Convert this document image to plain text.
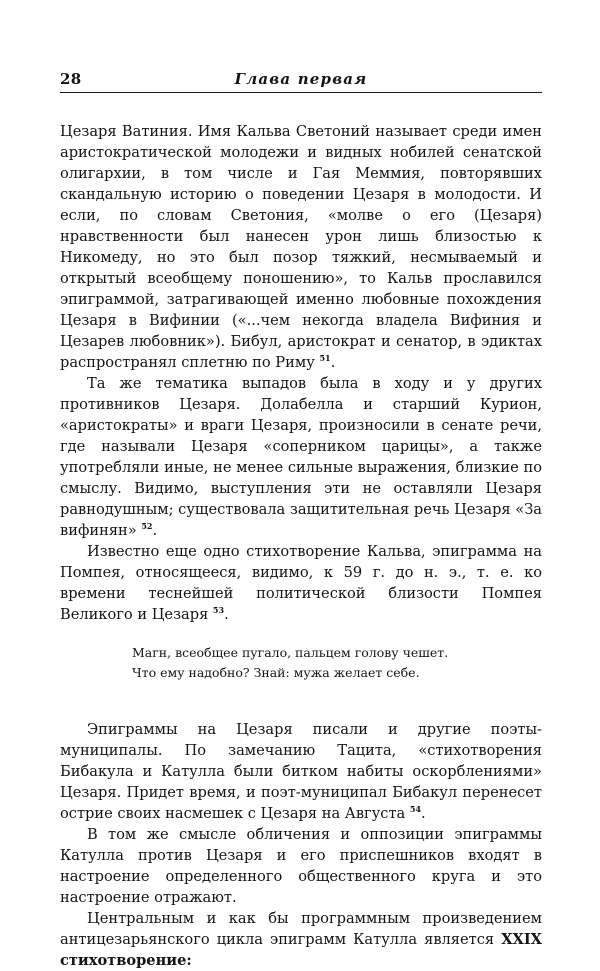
28	Глава первая

Цезаря Ватиния. Имя Кальва Светоний называет среди имен аристократической молодежи и видных нобилей сенатской олигархии, в том числе и Гая Меммия, повторявших скандальную историю о поведении Цезаря в молодости. И если, по словам Светония, «молве о его (Цезаря) нравственности был нанесен урон лишь близостью к Никомеду, но это был позор тяжкий, несмываемый и открытый всеобщему поношению», то Кальв прославился эпиграммой, затрагивающей именно любовные похождения Цезаря в Вифинии («...чем некогда владела Вифиния и Цезарев любовник»). Бибул, аристократ и сенатор, в эдиктах распространял сплетню по Риму $^{51}$.

Та же тематика выпадов была в ходу и у других противников Цезаря. Долабелла и старший Курион, «аристократы» и враги Цезаря, произносили в сенате речи, где называли Цезаря «соперником царицы», а также употребляли иные, не менее сильные выражения, близкие по смыслу. Видимо, выступления эти не оставляли Цезаря равнодушным; существовала защитительная речь Цезаря «За вифинян» $^{52}$.

Известно еще одно стихотворение Кальва, эпиграмма на Помпея, относящееся, видимо, к 59 г. до н. э., т. е. ко времени теснейшей политической близости Помпея Великого и Цезаря $^{53}$.

Магн, всеобщее пугало, пальцем голову чешет.
Что ему надобно? Знай: мужа желает себе.

Эпиграммы на Цезаря писали и другие поэты-муниципалы. По замечанию Тацита, «стихотворения Бибакула и Катулла были битком набиты оскорблениями» Цезаря. Придет время, и поэт-муниципал Бибакул перенесет острие своих насмешек с Цезаря на Августа $^{54}$.

В том же смысле обличения и оппозиции эпиграммы Катулла против Цезаря и его приспешников входят в настроение определенного общественного круга и это настроение отражают.

Центральным и как бы программным произведением антицезарьянского цикла эпиграмм Катулла является XXIX стихотворение:
